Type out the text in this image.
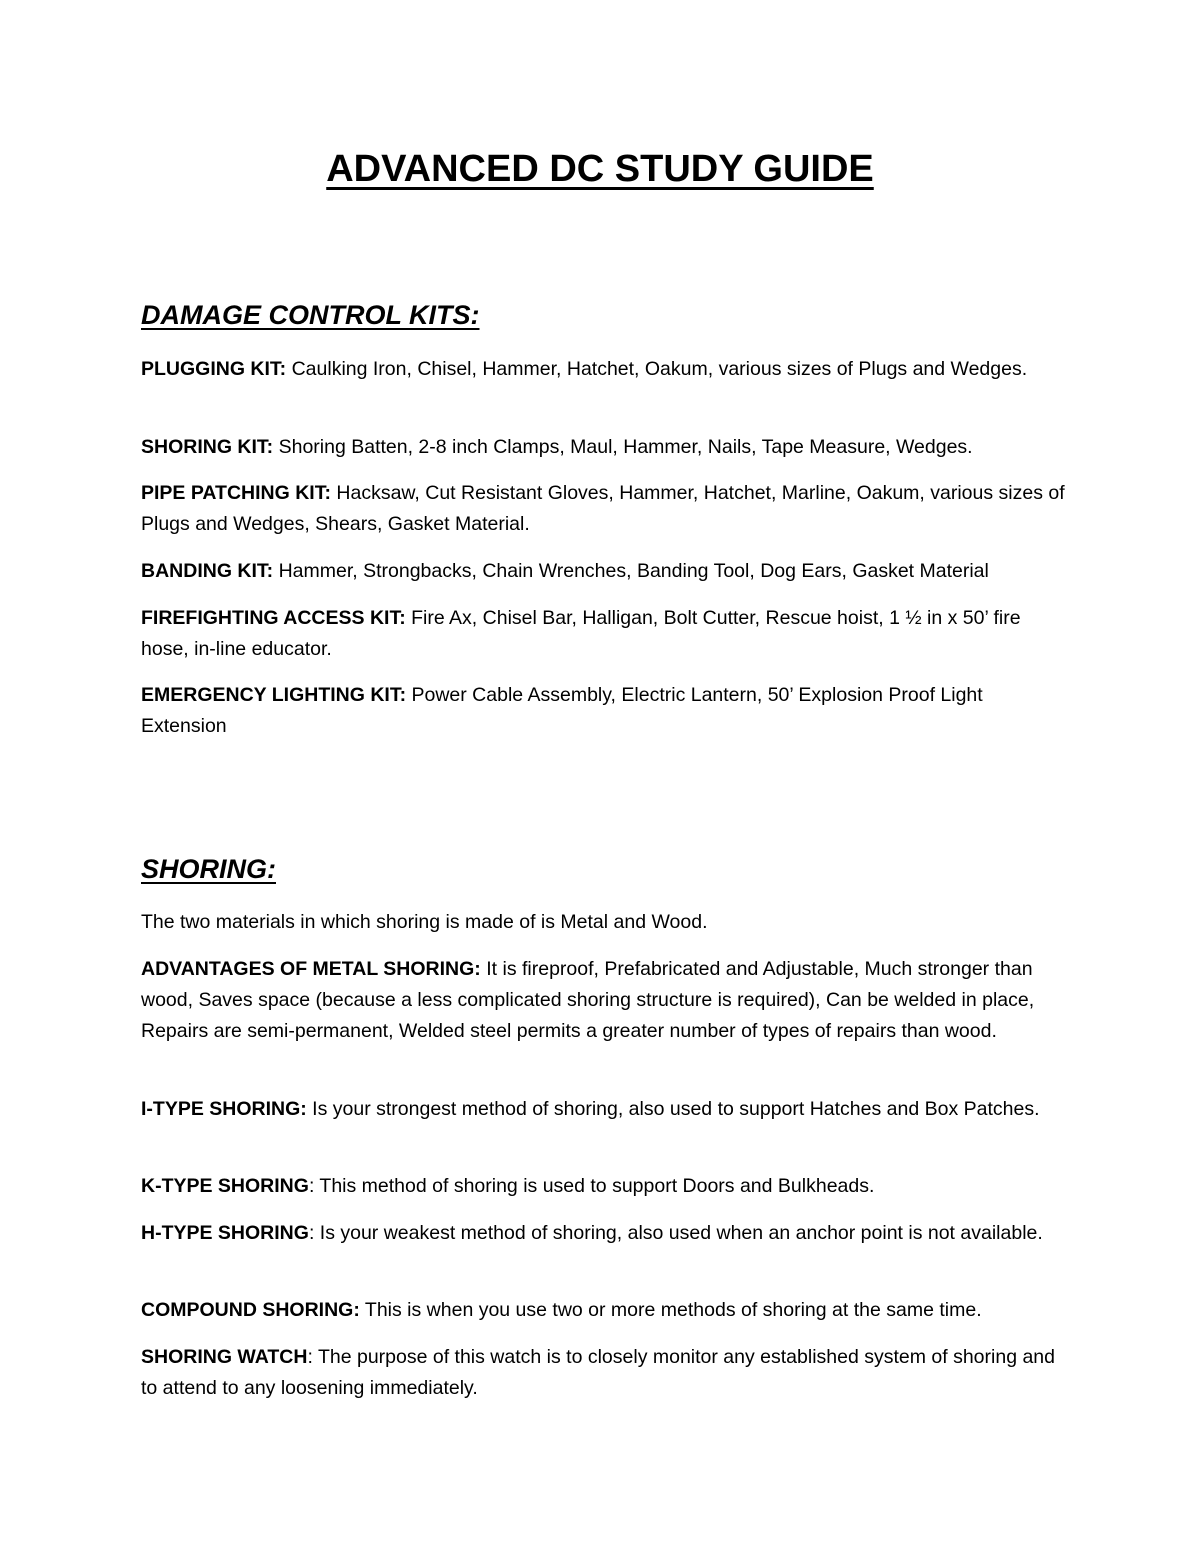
ADVANCED DC STUDY GUIDE
DAMAGE CONTROL KITS:

PLUGGING KIT: Caulking Iron, Chisel, Hammer, Hatchet, Oakum, various sizes of Plugs and Wedges.

SHORING KIT: Shoring Batten, 2-8 inch Clamps, Maul, Hammer, Nails, Tape Measure, Wedges.

PIPE PATCHING KIT: Hacksaw, Cut Resistant Gloves, Hammer, Hatchet, Marline, Oakum, various sizes of Plugs and Wedges, Shears, Gasket Material.

BANDING KIT: Hammer, Strongbacks, Chain Wrenches, Banding Tool, Dog Ears, Gasket Material

FIREFIGHTING ACCESS KIT: Fire Ax, Chisel Bar, Halligan, Bolt Cutter, Rescue hoist, 1 ½ in x 50’ fire hose, in-line educator.

EMERGENCY LIGHTING KIT: Power Cable Assembly, Electric Lantern, 50’ Explosion Proof Light Extension

SHORING:

The two materials in which shoring is made of is Metal and Wood.

ADVANTAGES OF METAL SHORING: It is fireproof, Prefabricated and Adjustable, Much stronger than wood, Saves space (because a less complicated shoring structure is required), Can be welded in place, Repairs are semi-permanent, Welded steel permits a greater number of types of repairs than wood.

I-TYPE SHORING: Is your strongest method of shoring, also used to support Hatches and Box Patches.

K-TYPE SHORING: This method of shoring is used to support Doors and Bulkheads.

H-TYPE SHORING: Is your weakest method of shoring, also used when an anchor point is not available.

COMPOUND SHORING: This is when you use two or more methods of shoring at the same time.

SHORING WATCH: The purpose of this watch is to closely monitor any established system of shoring and to attend to any loosening immediately.
